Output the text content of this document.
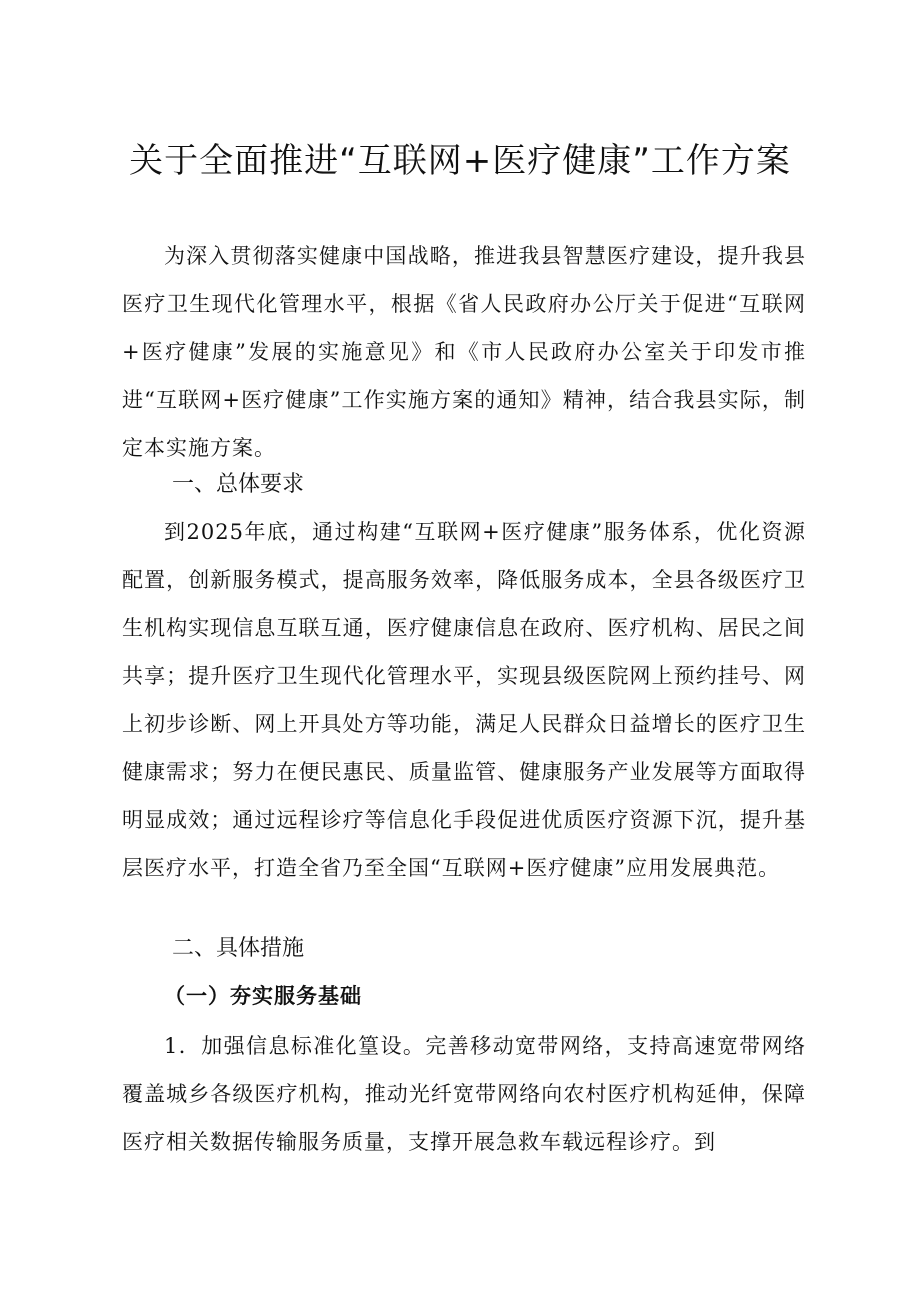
关于全面推进“互联网+医疗健康”工作方案

为深入贯彻落实健康中国战略，推进我县智慧医疗建设，提升我县医疗卫生现代化管理水平，根据《省人民政府办公厅关于促进“互联网+医疗健康”发展的实施意见》和《市人民政府办公室关于印发市推进“互联网+医疗健康”工作实施方案的通知》精神，结合我县实际，制定本实施方案。

一、总体要求

到2025年底，通过构建“互联网+医疗健康”服务体系，优化资源配置，创新服务模式，提高服务效率，降低服务成本，全县各级医疗卫生机构实现信息互联互通，医疗健康信息在政府、医疗机构、居民之间共享；提升医疗卫生现代化管理水平，实现县级医院网上预约挂号、网上初步诊断、网上开具处方等功能，满足人民群众日益增长的医疗卫生健康需求；努力在便民惠民、质量监管、健康服务产业发展等方面取得明显成效；通过远程诊疗等信息化手段促进优质医疗资源下沉，提升基层医疗水平，打造全省乃至全国“互联网+医疗健康”应用发展典范。

二、具体措施
（一）夯实服务基础

1．加强信息标准化篁设。完善移动宽带网络，支持高速宽带网络覆盖城乡各级医疗机构，推动光纤宽带网络向农村医疗机构延伸，保障医疗相关数据传输服务质量，支撑开展急救车载远程诊疗。到
